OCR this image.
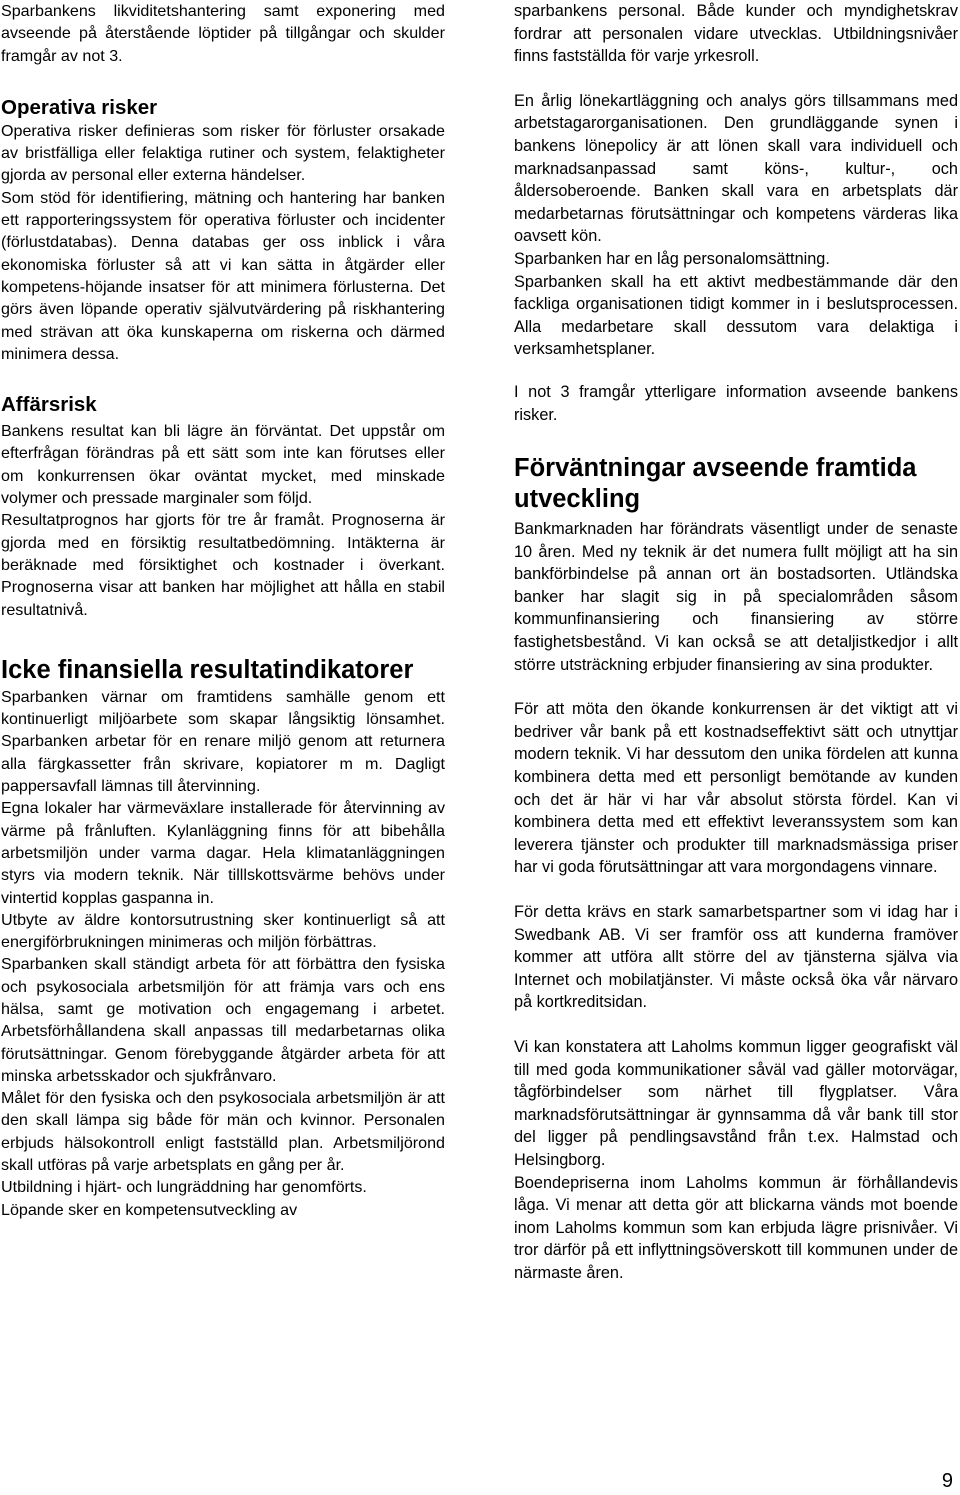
Sparbankens likviditetshantering samt exponering med avseende på återstående löptider på tillgångar och skulder framgår av not 3.

Operativa risker

Operativa risker definieras som risker för förluster orsakade av bristfälliga eller felaktiga rutiner och system, felaktigheter gjorda av personal eller externa händelser.

Som stöd för identifiering, mätning och hantering har banken ett rapporteringssystem för operativa förluster och incidenter (förlustdatabas). Denna databas ger oss inblick i våra ekonomiska förluster så att vi kan sätta in åtgärder eller kompetens-höjande insatser för att minimera förlusterna. Det görs även löpande operativ självutvärdering på riskhantering med strävan att öka kunskaperna om riskerna och därmed minimera dessa.

Affärsrisk

Bankens resultat kan bli lägre än förväntat. Det uppstår om efterfrågan förändras på ett sätt som inte kan förutses eller om konkurrensen ökar oväntat mycket, med minskade volymer och pressade marginaler som följd.

Resultatprognos har gjorts för tre år framåt. Prognoserna är gjorda med en försiktig resultatbedömning. Intäkterna är beräknade med försiktighet och kostnader i överkant. Prognoserna visar att banken har möjlighet att hålla en stabil resultatnivå.

Icke finansiella resultatindikatorer

Sparbanken värnar om framtidens samhälle genom ett kontinuerligt miljöarbete som skapar långsiktig lönsamhet. Sparbanken arbetar för en renare miljö genom att returnera alla färgkassetter från skrivare, kopiatorer m m. Dagligt pappersavfall lämnas till återvinning.

Egna lokaler har värmeväxlare installerade för återvinning av värme på frånluften. Kylanläggning finns för att bibehålla arbetsmiljön under varma dagar. Hela klimatanläggningen styrs via modern teknik. När tilllskottsvärme behövs under vintertid kopplas gaspanna in.

Utbyte av äldre kontorsutrustning sker kontinuerligt så att energiförbrukningen minimeras och miljön förbättras.

Sparbanken skall ständigt arbeta för att förbättra den fysiska och psykosociala arbetsmiljön för att främja vars och ens hälsa, samt ge motivation och engagemang i arbetet. Arbetsförhållandena skall anpassas till medarbetarnas olika förutsättningar. Genom förebyggande åtgärder arbeta för att minska arbetsskador och sjukfrånvaro.

Målet för den fysiska och den psykosociala arbetsmiljön är att den skall lämpa sig både för män och kvinnor. Personalen erbjuds hälsokontroll enligt fastställd plan. Arbetsmiljörond skall utföras på varje arbetsplats en gång per år.

Utbildning i hjärt- och lungräddning har genomförts.

Löpande sker en kompetensutveckling av

sparbankens personal. Både kunder och myndighetskrav fordrar att personalen vidare utvecklas. Utbildningsnivåer finns fastställda för varje yrkesroll.

En årlig lönekartläggning och analys görs tillsammans med arbetstagarorganisationen. Den grundläggande synen i bankens lönepolicy är att lönen skall vara individuell och marknadsanpassad samt köns-, kultur-, och åldersoberoende. Banken skall vara en arbetsplats där medarbetarnas förutsättningar och kompetens värderas lika oavsett kön.

Sparbanken har en låg personalomsättning.

Sparbanken skall ha ett aktivt medbestämmande där den fackliga organisationen tidigt kommer in i beslutsprocessen. Alla medarbetare skall dessutom vara delaktiga i verksamhetsplaner.

I not 3 framgår ytterligare information avseende bankens risker.

Förväntningar avseende framtida utveckling

Bankmarknaden har förändrats väsentligt under de senaste 10 åren. Med ny teknik är det numera fullt möjligt att ha sin bankförbindelse på annan ort än bostadsorten. Utländska banker har slagit sig in på specialområden såsom kommunfinansiering och finansiering av större fastighetsbestånd. Vi kan också se att detaljistkedjor i allt större utsträckning erbjuder finansiering av sina produkter.

För att möta den ökande konkurrensen är det viktigt att vi bedriver vår bank på ett kostnadseffektivt sätt och utnyttjar modern teknik. Vi har dessutom den unika fördelen att kunna kombinera detta med ett personligt bemötande av kunden och det är här vi har vår absolut största fördel. Kan vi kombinera detta med ett effektivt leveranssystem som kan leverera tjänster och produkter till marknadsmässiga priser har vi goda förutsättningar att vara morgondagens vinnare.

För detta krävs en stark samarbetspartner som vi idag har i Swedbank AB. Vi ser framför oss att kunderna framöver kommer att utföra allt större del av tjänsterna själva via Internet och mobilatjänster. Vi måste också öka vår närvaro på kortkreditsidan.

Vi kan konstatera att Laholms kommun ligger geografiskt väl till med goda kommunikationer såväl vad gäller motorvägar, tågförbindelser som närhet till flygplatser. Våra marknadsförutsättningar är gynnsamma då vår bank till stor del ligger på pendlingsavstånd från t.ex. Halmstad och Helsingborg.

Boendepriserna inom Laholms kommun är förhållandevis låga. Vi menar att detta gör att blickarna vänds mot boende inom Laholms kommun som kan erbjuda lägre prisnivåer. Vi tror därför på ett inflyttningsöverskott till kommunen under de närmaste åren.

9
